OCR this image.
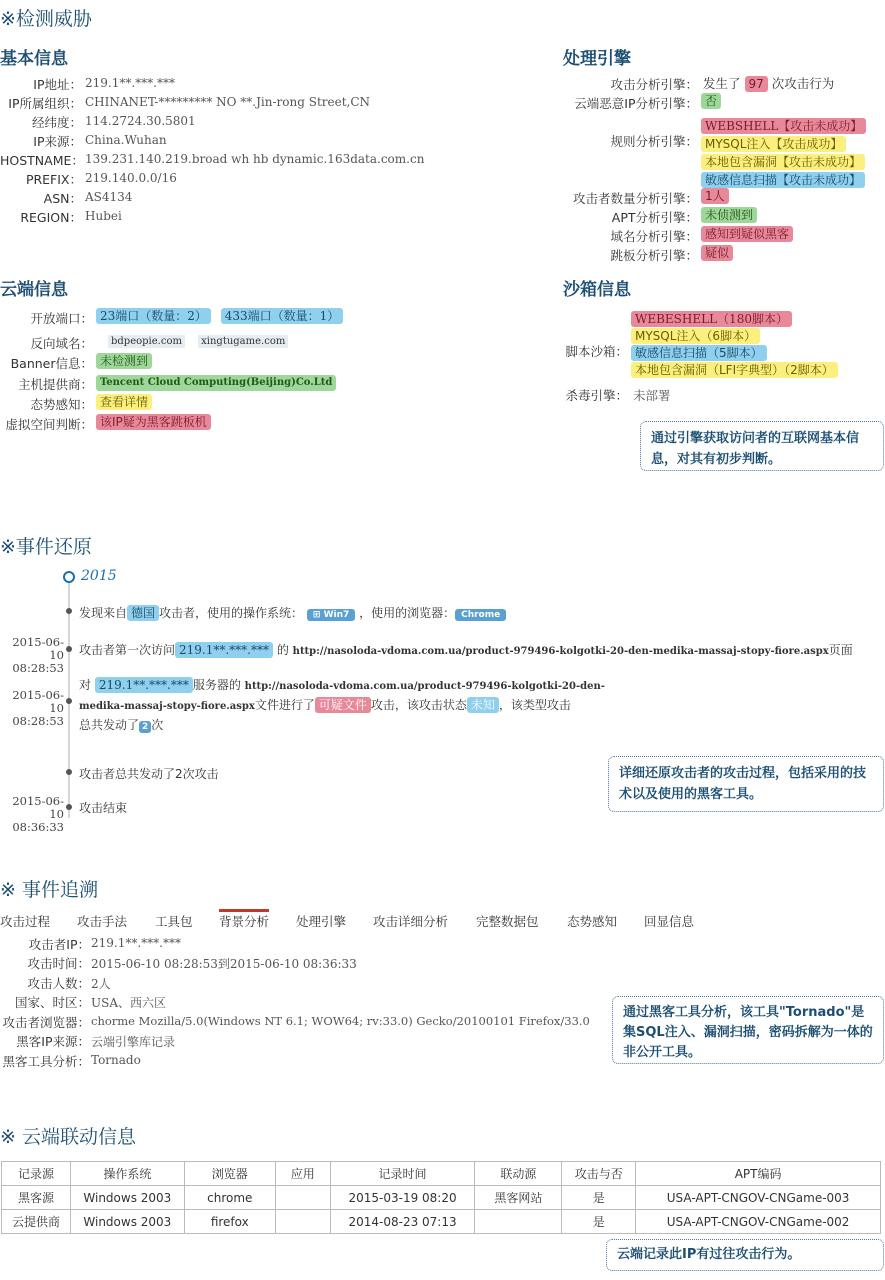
※检测威胁
基本信息
IP地址： 219.1**.***.***
IP所属组织： CHINANET-********* NO **.Jin-rong Street,CN
经纬度： 114.2724.30.5801
IP来源： China.Wuhan
HOSTNAME： 139.231.140.219.broad wh hb dynamic.163data.com.cn
PREFIX： 219.140.0.0/16
ASN： AS4134
REGION： Hubei
处理引擎
攻击分析引擎： 发生了 97 次攻击行为
云端恶意IP分析引擎： 否
规则分析引擎：
WEBSHELL【攻击未成功】
MYSQL注入【攻击成功】
本地包含漏洞【攻击未成功】
敏感信息扫描【攻击未成功】
攻击者数量分析引擎： 1人
APT分析引擎： 未侦测到
域名分析引擎： 感知到疑似黑客
跳板分析引擎： 疑似
云端信息
开放端口： 23端口（数量：2） 433端口（数量：1）
反向域名：	bdpeopie.com xingtugame.com
Banner信息： 未检测到
主机提供商： Tencent Cloud Computing(Beijing)Co.Ltd
态势感知： 查看详情
虚拟空间判断： 该IP疑为黑客跳板机
沙箱信息
脚本沙箱：
WEBESHELL（180脚本）
MYSQL注入（6脚本）
敏感信息扫描（5脚本）
本地包含漏洞（LFI字典型）（2脚本）
杀毒引擎： 未部署
通过引擎获取访问者的互联网基本信息，对其有初步判断。
※事件还原
2015
发现来自 德国 攻击者，使用的操作系统： ⊞ Win7 ，使用的浏览器： Chrome
2015-06-10
08:28:53
攻击者第一次访问 219.1**.***.*** 的 http://nasoloda-vdoma.com.ua/product-979496-kolgotki-20-den-medika-massaj-stopy-fiore.aspx页面
2015-06-10
08:28:53
对 219.1**.***.*** 服务器的 http://nasoloda-vdoma.com.ua/product-979496-kolgotki-20-den-
medika-massaj-stopy-fiore.aspx文件进行了 可疑文件 攻击，该攻击状态 未知 ，该类型攻击
总共发动了 2 次
攻击者总共发动了2次攻击
2015-06-10
08:36:33
攻击结束
详细还原攻击者的攻击过程，包括采用的技术以及使用的黑客工具。
※ 事件追溯
攻击过程 攻击手法 工具包 背景分析 处理引擎 攻击详细分析 完整数据包 态势感知 回显信息
攻击者IP： 219.1**.***.***
攻击时间： 2015-06-10 08:28:53到2015-06-10 08:36:33
攻击人数： 2人
国家、时区： USA、西六区
攻击者浏览器： chorme Mozilla/5.0(Windows NT 6.1; WOW64; rv:33.0) Gecko/20100101 Firefox/33.0
黑客IP来源： 云端引擎库记录
黑客工具分析： Tornado
通过黑客工具分析，该工具"Tornado"是集SQL注入、漏洞扫描，密码拆解为一体的非公开工具。
※ 云端联动信息
记录源	操作系统	浏览器	应用	记录时间	联动源	攻击与否	APT编码
黑客源	Windows 2003	chrome		2015-03-19 08:20	黑客网站	是	USA-APT-CNGOV-CNGame-003
云提供商	Windows 2003	firefox		2014-08-23 07:13		是	USA-APT-CNGOV-CNGame-002
云端记录此IP有过往攻击行为。
